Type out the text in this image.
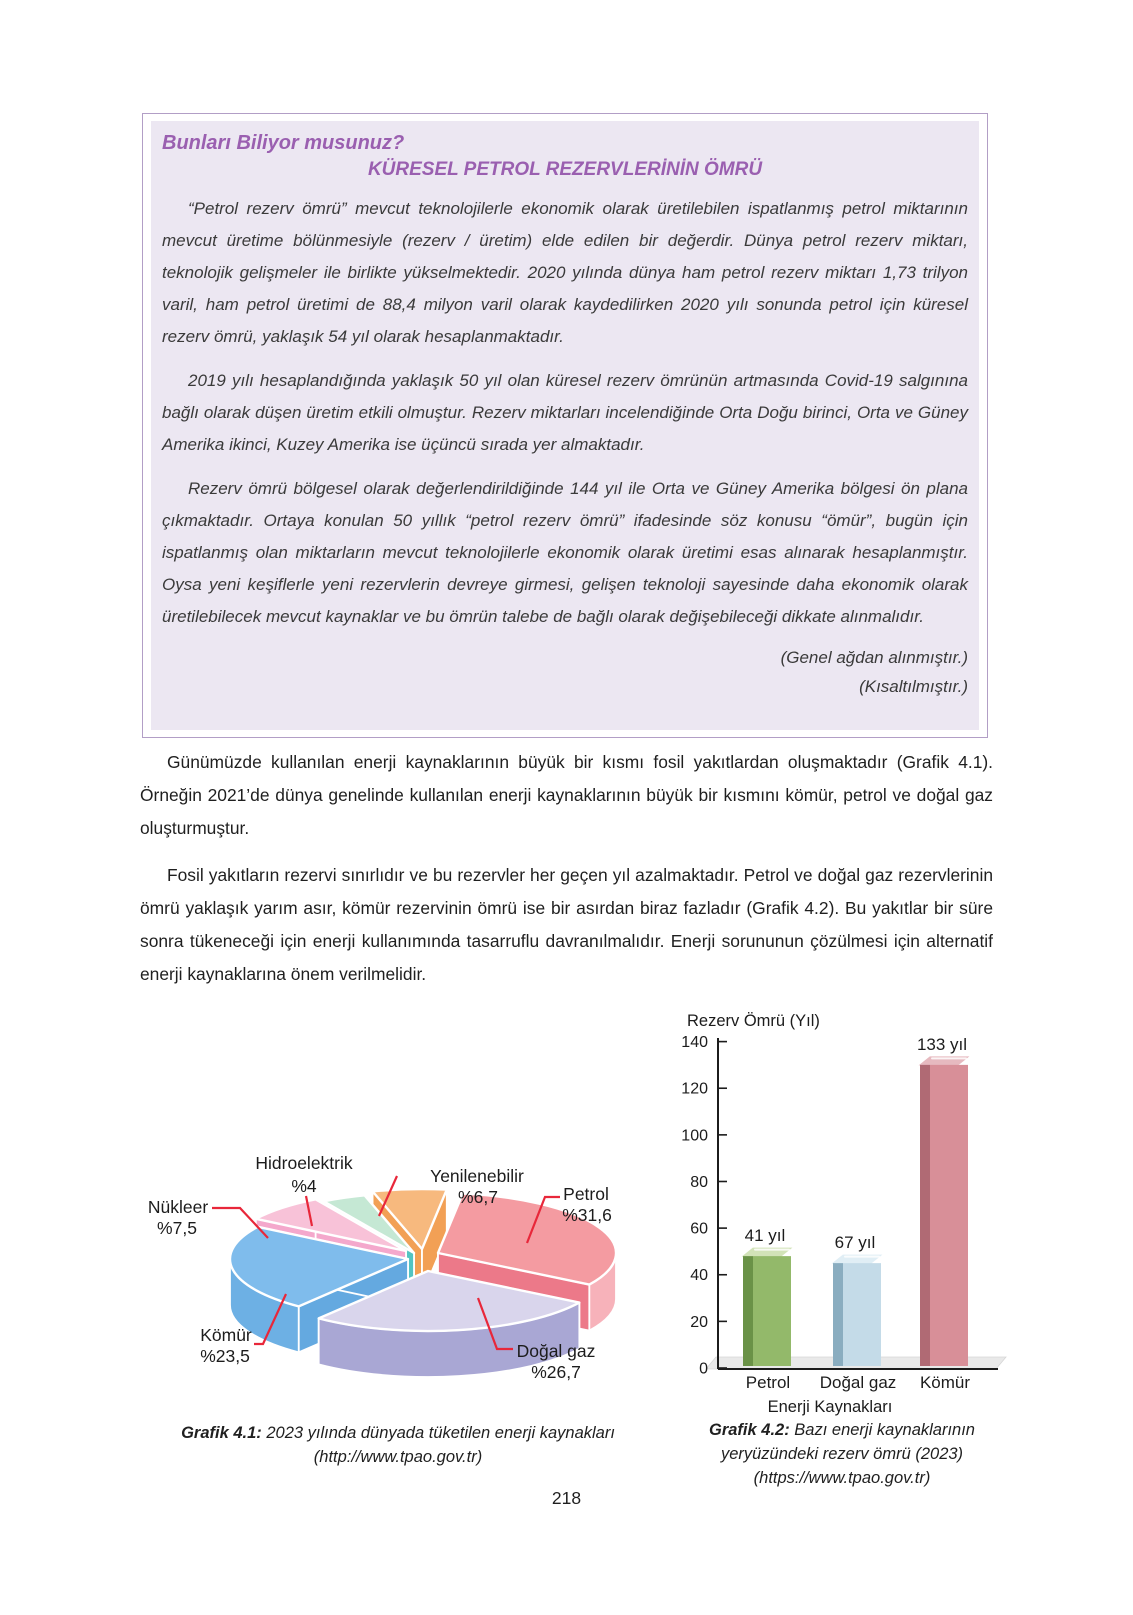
Bunları Biliyor musunuz?
KÜRESEL PETROL REZERVLERİNİN ÖMRÜ

“Petrol rezerv ömrü” mevcut teknolojilerle ekonomik olarak üretilebilen ispatlanmış petrol miktarının mevcut üretime bölünmesiyle (rezerv / üretim) elde edilen bir değerdir. Dünya petrol rezerv miktarı, teknolojik gelişmeler ile birlikte yükselmektedir. 2020 yılında dünya ham petrol rezerv miktarı 1,73 trilyon varil, ham petrol üretimi de 88,4 milyon varil olarak kaydedilirken 2020 yılı sonunda petrol için küresel rezerv ömrü, yaklaşık 54 yıl olarak hesaplanmaktadır.

2019 yılı hesaplandığında yaklaşık 50 yıl olan küresel rezerv ömrünün artmasında Covid-19 salgınına bağlı olarak düşen üretim etkili olmuştur. Rezerv miktarları incelendiğinde Orta Doğu birinci, Orta ve Güney Amerika ikinci, Kuzey Amerika ise üçüncü sırada yer almaktadır.

Rezerv ömrü bölgesel olarak değerlendirildiğinde 144 yıl ile Orta ve Güney Amerika bölgesi ön plana çıkmaktadır. Ortaya konulan 50 yıllık “petrol rezerv ömrü” ifadesinde söz konusu “ömür”, bugün için ispatlanmış olan miktarların mevcut teknolojilerle ekonomik olarak üretimi esas alınarak hesaplanmıştır. Oysa yeni keşiflerle yeni rezervlerin devreye girmesi, gelişen teknoloji sayesinde daha ekonomik olarak üretilebilecek mevcut kaynaklar ve bu ömrün talebe de bağlı olarak değişebileceği dikkate alınmalıdır.

(Genel ağdan alınmıştır.)
(Kısaltılmıştır.)

Günümüzde kullanılan enerji kaynaklarının büyük bir kısmı fosil yakıtlardan oluşmaktadır (Grafik 4.1). Örneğin 2021’de dünya genelinde kullanılan enerji kaynaklarının büyük bir kısmını kömür, petrol ve doğal gaz oluşturmuştur.

Fosil yakıtların rezervi sınırlıdır ve bu rezervler her geçen yıl azalmaktadır. Petrol ve doğal gaz rezervlerinin ömrü yaklaşık yarım asır, kömür rezervinin ömrü ise bir asırdan biraz fazladır (Grafik 4.2). Bu yakıtlar bir süre sonra tükeneceği için enerji kullanımında tasarruflu davranılmalıdır. Enerji sorununun çözülmesi için alternatif enerji kaynaklarına önem verilmelidir.

Petrol
%31,6
Doğal gaz
%26,7
Kömür
%23,5
Nükleer
%7,5
Hidroelektrik
%4	Yenilenebilir
%6,7
0
20
40
60
80
100
120
140
Rezerv Ömrü (Yıl)
41 yıl
Petrol
67 yıl
Doğal gaz
133 yıl
Kömür
Enerji Kaynakları
Grafik 4.1: 2023 yılında dünyada tüketilen enerji kaynakları
(http://www.tpao.gov.tr)
Grafik 4.2: Bazı enerji kaynaklarının
yeryüzündeki rezerv ömrü (2023)
(https://www.tpao.gov.tr)
218
